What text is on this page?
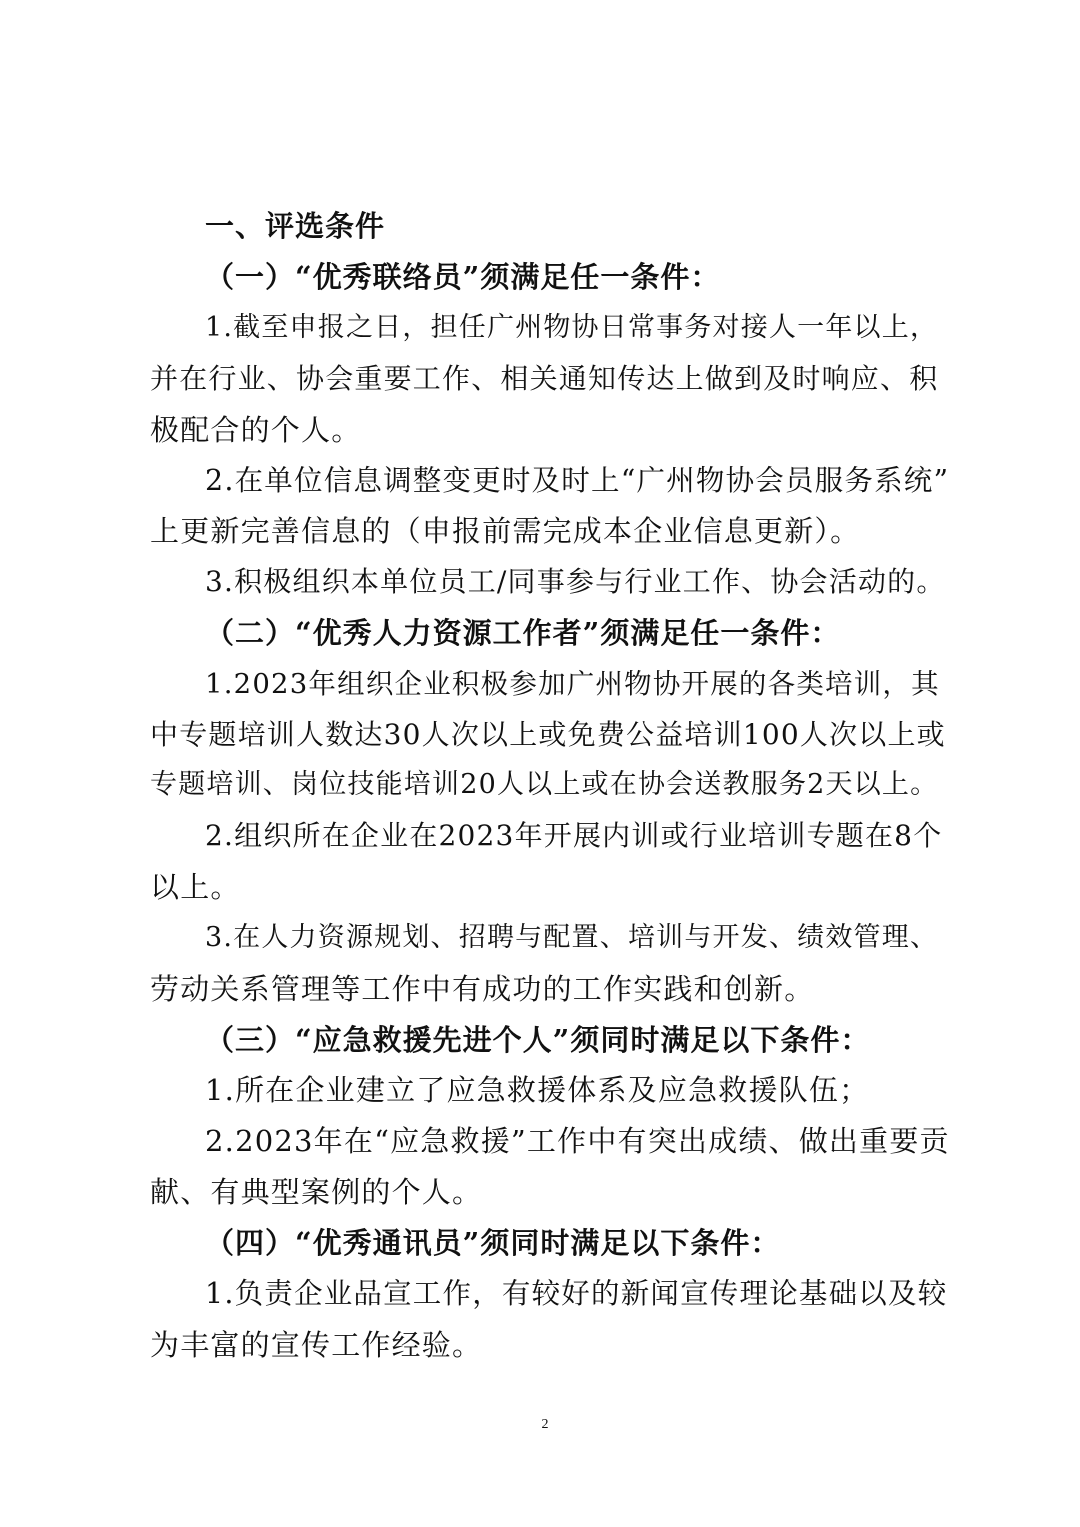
一、评选条件
（一）“优秀联络员”须满足任一条件：
1.截至申报之日，担任广州物协日常事务对接人一年以上，
并在行业、协会重要工作、相关通知传达上做到及时响应、积
极配合的个人。
2.在单位信息调整变更时及时上“广州物协会员服务系统”
上更新完善信息的（申报前需完成本企业信息更新）。
3.积极组织本单位员工/同事参与行业工作、协会活动的。
（二）“优秀人力资源工作者”须满足任一条件：
1.2023年组织企业积极参加广州物协开展的各类培训，其
中专题培训人数达30人次以上或免费公益培训100人次以上或
专题培训、岗位技能培训20人以上或在协会送教服务2天以上。
2.组织所在企业在2023年开展内训或行业培训专题在8个
以上。
3.在人力资源规划、招聘与配置、培训与开发、绩效管理、
劳动关系管理等工作中有成功的工作实践和创新。
（三）“应急救援先进个人”须同时满足以下条件：
1.所在企业建立了应急救援体系及应急救援队伍；
2.2023年在“应急救援”工作中有突出成绩、做出重要贡
献、有典型案例的个人。
（四）“优秀通讯员”须同时满足以下条件：
1.负责企业品宣工作，有较好的新闻宣传理论基础以及较
为丰富的宣传工作经验。
2
